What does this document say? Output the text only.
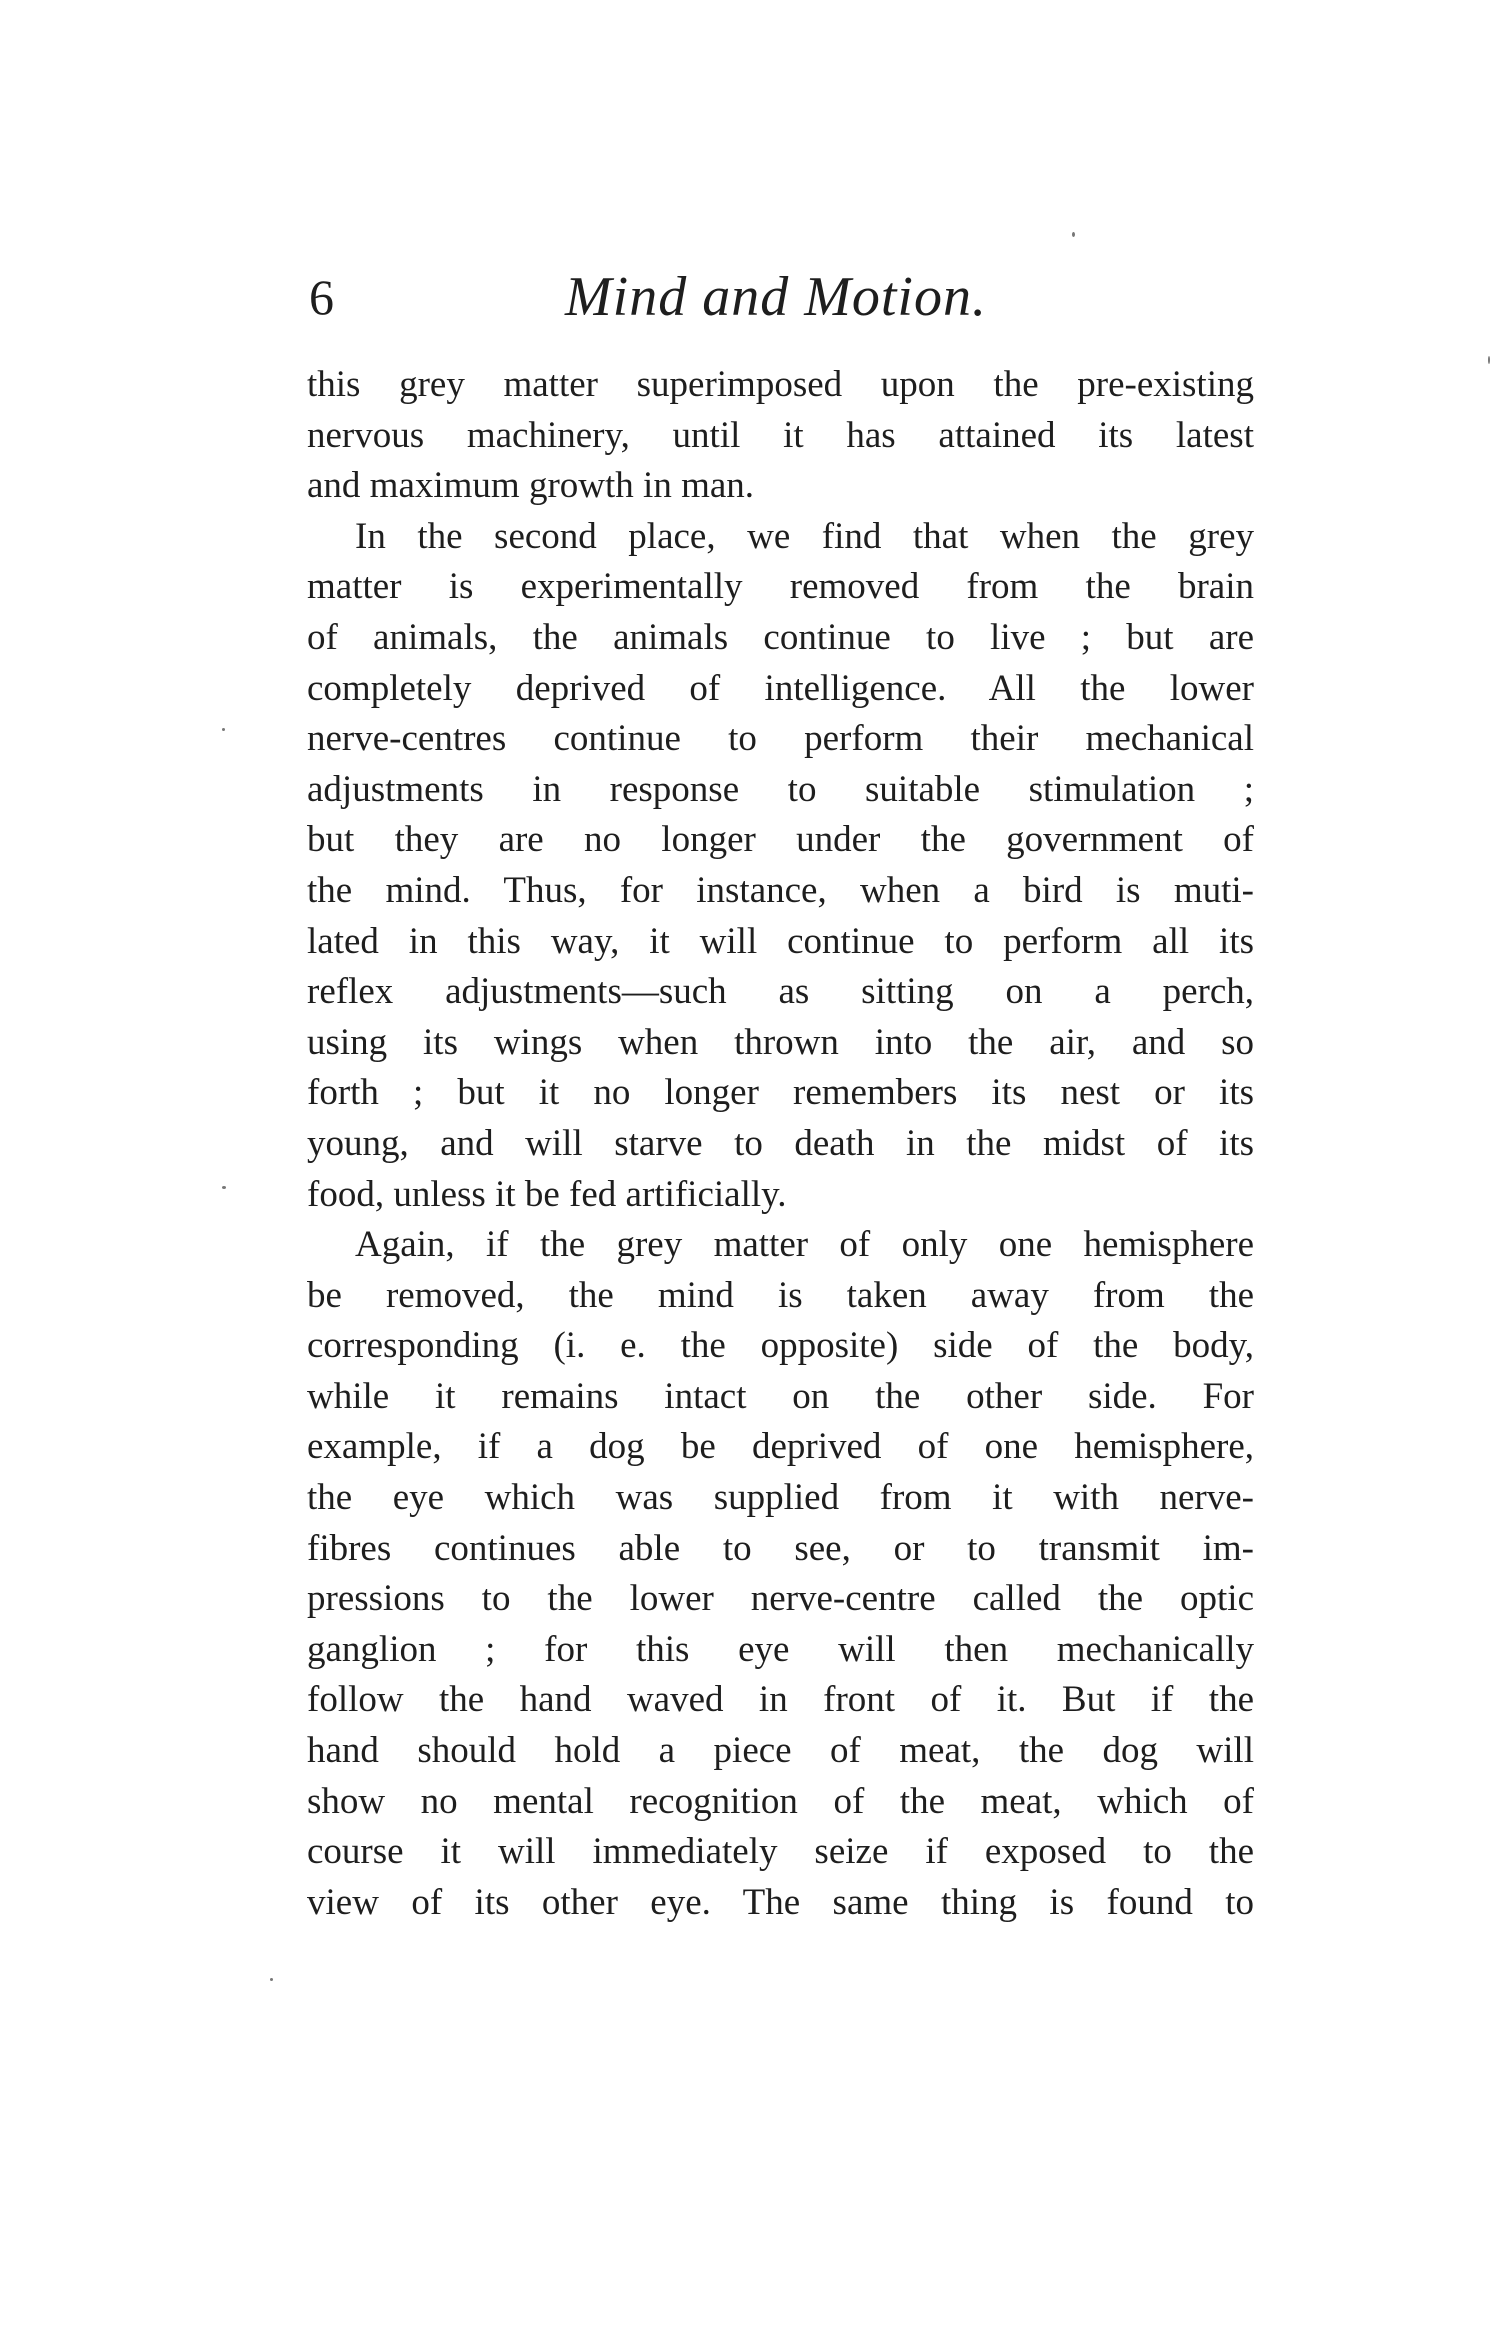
6	Mind and Motion.
this grey matter superimposed upon the pre-existing
nervous machinery, until it has attained its latest
and maximum growth in man.
In the second place, we find that when the grey
matter is experimentally removed from the brain
of animals, the animals continue to live ; but are
completely deprived of intelligence. All the lower
nerve-centres continue to perform their mechanical
adjustments in response to suitable stimulation ;
but they are no longer under the government of
the mind. Thus, for instance, when a bird is muti-
lated in this way, it will continue to perform all its
reflex adjustments—such as sitting on a perch,
using its wings when thrown into the air, and so
forth ; but it no longer remembers its nest or its
young, and will starve to death in the midst of its
food, unless it be fed artificially.
Again, if the grey matter of only one hemisphere
be removed, the mind is taken away from the
corresponding (i. e. the opposite) side of the body,
while it remains intact on the other side. For
example, if a dog be deprived of one hemisphere,
the eye which was supplied from it with nerve-
fibres continues able to see, or to transmit im-
pressions to the lower nerve-centre called the optic
ganglion ; for this eye will then mechanically
follow the hand waved in front of it. But if the
hand should hold a piece of meat, the dog will
show no mental recognition of the meat, which of
course it will immediately seize if exposed to the
view of its other eye. The same thing is found to
